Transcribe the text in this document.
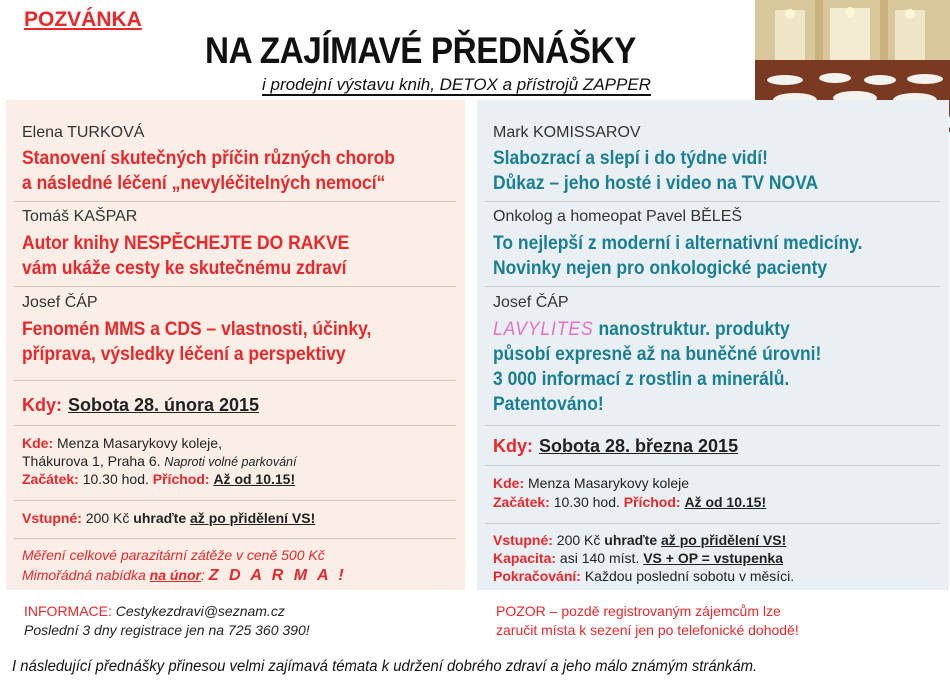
POZVÁNKA
NA ZAJÍMAVÉ PŘEDNÁŠKY
i prodejní výstavu knih, DETOX a přístrojů ZAPPER
Elena TURKOVÁ
Stanovení skutečných příčin různých chorob
a následné léčení „nevyléčitelných nemocí“
Tomáš KAŠPAR
Autor knihy NESPĚCHEJTE DO RAKVE
vám ukáže cesty ke skutečnému zdraví
Josef ČÁP
Fenomén MMS a CDS – vlastnosti, účinky,
příprava, výsledky léčení a perspektivy
Kdy: Sobota 28. února 2015
Kde: Menza Masarykovy koleje,
Thákurova 1, Praha 6. Naproti volné parkování
Začátek: 10.30 hod. Příchod: Až od 10.15!
Vstupné: 200 Kč uhraďte až po přidělení VS!
Měření celkové parazitární zátěže v ceně 500 Kč
Mimořádná nabídka na únor: Z D A R M A !
Mark KOMISSAROV
Slabozrací a slepí i do týdne vidí!
Důkaz – jeho hosté i video na TV NOVA
Onkolog a homeopat Pavel BĚLEŠ
To nejlepší z moderní i alternativní medicíny.
Novinky nejen pro onkologické pacienty
Josef ČÁP
LAVYLITES nanostruktur. produkty
působí expresně až na buněčné úrovni!
3 000 informací z rostlin a minerálů.
Patentováno!
Kdy: Sobota 28. března 2015
Kde: Menza Masarykovy koleje
Začátek: 10.30 hod. Příchod: Až od 10.15!
Vstupné: 200 Kč uhraďte až po přidělení VS!
Kapacita: asi 140 míst. VS + OP = vstupenka
Pokračování: Každou poslední sobotu v měsíci.
INFORMACE: Cestykezdravi@seznam.cz
Poslední 3 dny registrace jen na 725 360 390!
POZOR – pozdě registrovaným zájemcům lze
zaručit místa k sezení jen po telefonické dohodě!
I následující přednášky přinesou velmi zajímavá témata k udržení dobrého zdraví a jeho málo známým stránkám.
